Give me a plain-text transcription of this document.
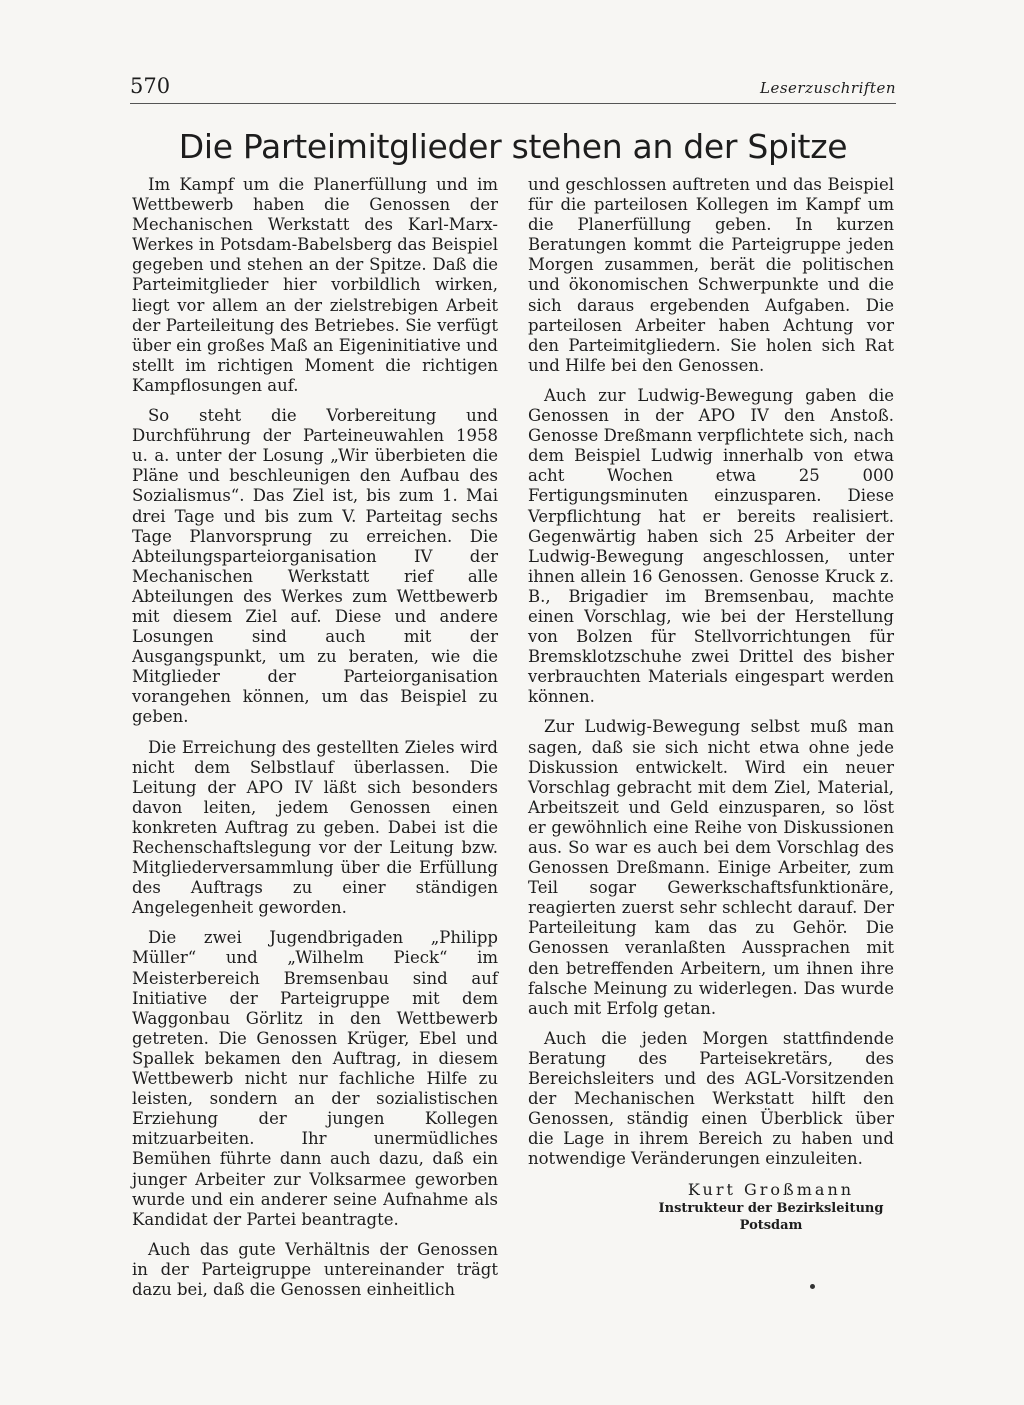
570	Leserzuschriften
Die Parteimitglieder stehen an der Spitze

Im Kampf um die Planerfüllung und im Wettbewerb haben die Genossen der Mechanischen Werkstatt des Karl-Marx-Werkes in Potsdam-Babelsberg das Beispiel gegeben und stehen an der Spitze. Daß die Parteimitglieder hier vorbildlich wirken, liegt vor allem an der zielstrebigen Arbeit der Parteileitung des Betriebes. Sie verfügt über ein großes Maß an Eigeninitiative und stellt im richtigen Moment die richtigen Kampflosungen auf.

So steht die Vorbereitung und Durchführung der Parteineuwahlen 1958 u. a. unter der Losung „Wir überbieten die Pläne und beschleunigen den Aufbau des Sozialismus“. Das Ziel ist, bis zum 1. Mai drei Tage und bis zum V. Parteitag sechs Tage Planvorsprung zu erreichen. Die Abteilungsparteiorganisation IV der Mechanischen Werkstatt rief alle Abteilungen des Werkes zum Wettbewerb mit diesem Ziel auf. Diese und andere Losungen sind auch mit der Ausgangspunkt, um zu beraten, wie die Mitglieder der Parteiorganisation vorangehen können, um das Beispiel zu geben.

Die Erreichung des gestellten Zieles wird nicht dem Selbstlauf überlassen. Die Leitung der APO IV läßt sich besonders davon leiten, jedem Genossen einen konkreten Auftrag zu geben. Dabei ist die Rechenschaftslegung vor der Leitung bzw. Mitgliederversammlung über die Erfüllung des Auftrags zu einer ständigen Angelegenheit geworden.

Die zwei Jugendbrigaden „Philipp Müller“ und „Wilhelm Pieck“ im Meisterbereich Bremsenbau sind auf Initiative der Parteigruppe mit dem Waggonbau Görlitz in den Wettbewerb getreten. Die Genossen Krüger, Ebel und Spallek bekamen den Auftrag, in diesem Wettbewerb nicht nur fachliche Hilfe zu leisten, sondern an der sozialistischen Erziehung der jungen Kollegen mitzuarbeiten. Ihr unermüdliches Bemühen führte dann auch dazu, daß ein junger Arbeiter zur Volksarmee geworben wurde und ein anderer seine Aufnahme als Kandidat der Partei beantragte.

Auch das gute Verhältnis der Genossen in der Parteigruppe untereinander trägt dazu bei, daß die Genossen einheitlich

und geschlossen auftreten und das Beispiel für die parteilosen Kollegen im Kampf um die Planerfüllung geben. In kurzen Beratungen kommt die Parteigruppe jeden Morgen zusammen, berät die politischen und ökonomischen Schwerpunkte und die sich daraus ergebenden Aufgaben. Die parteilosen Arbeiter haben Achtung vor den Parteimitgliedern. Sie holen sich Rat und Hilfe bei den Genossen.

Auch zur Ludwig-Bewegung gaben die Genossen in der APO IV den Anstoß. Genosse Dreßmann verpflichtete sich, nach dem Beispiel Ludwig innerhalb von etwa acht Wochen etwa 25 000 Fertigungsminuten einzusparen. Diese Verpflichtung hat er bereits realisiert. Gegenwärtig haben sich 25 Arbeiter der Ludwig-Bewegung angeschlossen, unter ihnen allein 16 Genossen. Genosse Kruck z. B., Brigadier im Bremsenbau, machte einen Vorschlag, wie bei der Herstellung von Bolzen für Stellvorrichtungen für Bremsklotzschuhe zwei Drittel des bisher verbrauchten Materials eingespart werden können.

Zur Ludwig-Bewegung selbst muß man sagen, daß sie sich nicht etwa ohne jede Diskussion entwickelt. Wird ein neuer Vorschlag gebracht mit dem Ziel, Material, Arbeitszeit und Geld einzusparen, so löst er gewöhnlich eine Reihe von Diskussionen aus. So war es auch bei dem Vorschlag des Genossen Dreßmann. Einige Arbeiter, zum Teil sogar Gewerkschaftsfunktionäre, reagierten zuerst sehr schlecht darauf. Der Parteileitung kam das zu Gehör. Die Genossen veranlaßten Aussprachen mit den betreffenden Arbeitern, um ihnen ihre falsche Meinung zu widerlegen. Das wurde auch mit Erfolg getan.

Auch die jeden Morgen stattfindende Beratung des Parteisekretärs, des Bereichsleiters und des AGL-Vorsitzenden der Mechanischen Werkstatt hilft den Genossen, ständig einen Überblick über die Lage in ihrem Bereich zu haben und notwendige Veränderungen einzuleiten.

Kurt Großmann
Instrukteur der Bezirksleitung
Potsdam
